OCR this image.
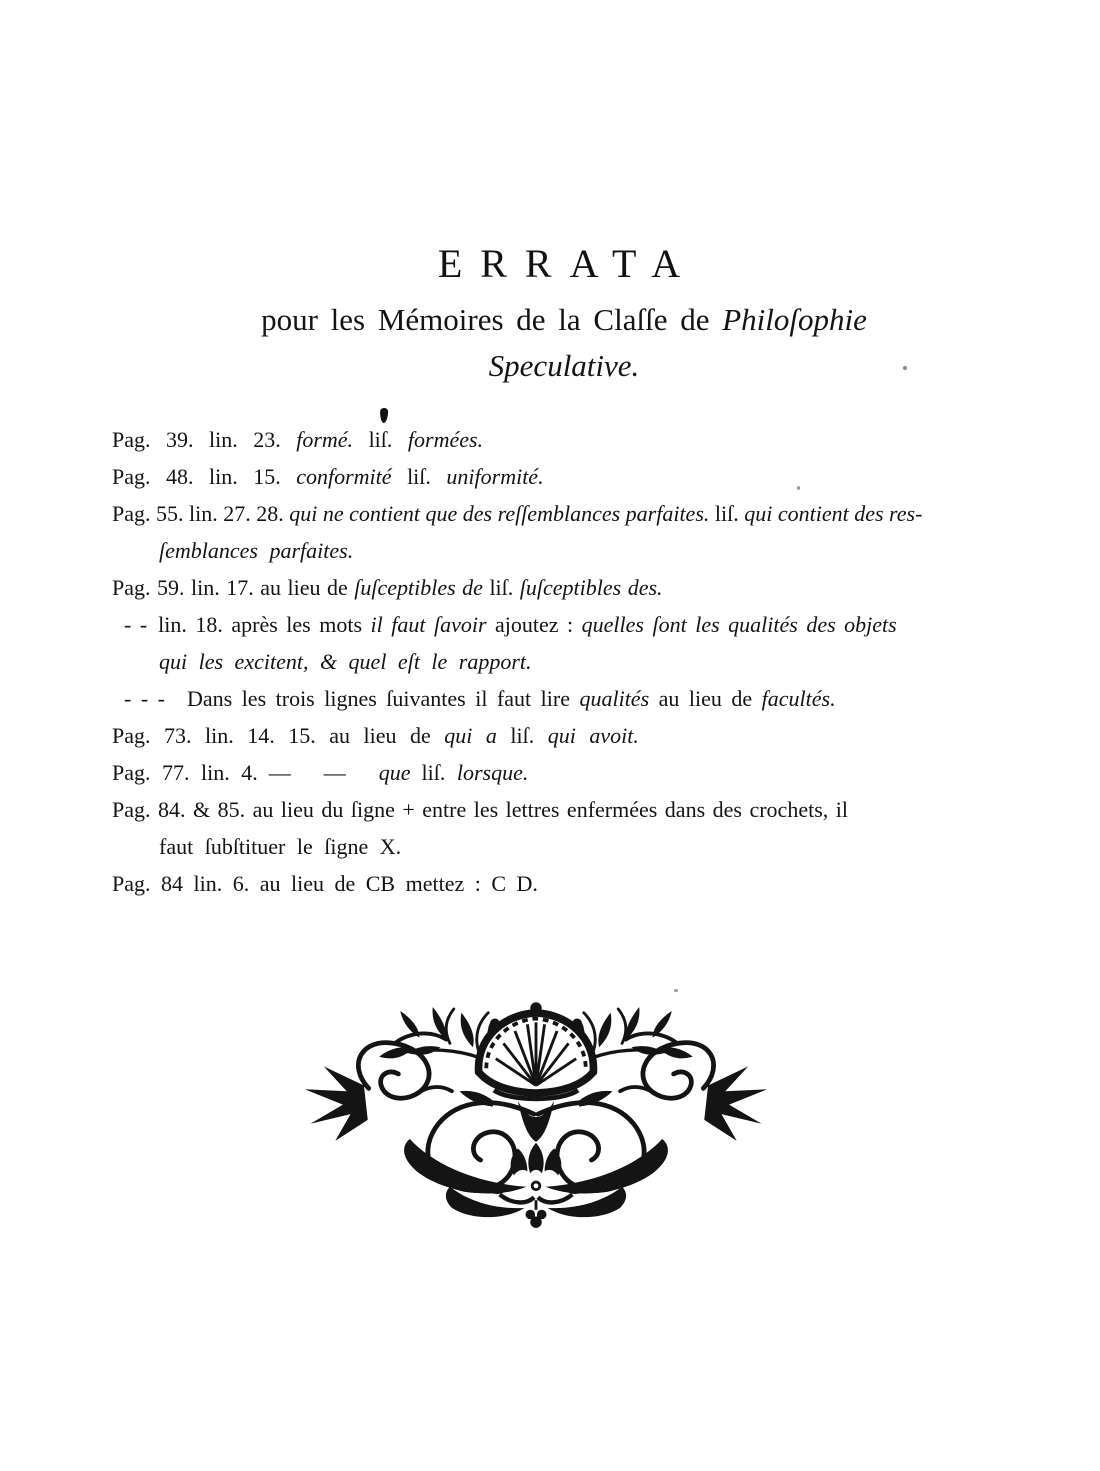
ERRATA
pour les Mémoires de la Claſſe de Philoſophie
Speculative.
Pag. 39. lin. 23. formé. liſ. formées.
Pag. 48. lin. 15. conformité liſ. uniformité.
Pag. 55. lin. 27. 28. qui ne contient que des reſſemblances parfaites. liſ. qui contient des res-
ſemblances parfaites.
Pag. 59. lin. 17. au lieu de ſuſceptibles de liſ. ſuſceptibles des.
- - lin. 18. après les mots il faut ſavoir ajoutez : quelles ſont les qualités des objets
qui les excitent, & quel eſt le rapport.
- - - Dans les trois lignes ſuivantes il faut lire qualités au lieu de facultés.
Pag. 73. lin. 14. 15. au lieu de qui a liſ. qui avoit.
Pag. 77. lin. 4. —  —  que liſ. lorsque.
Pag. 84. & 85. au lieu du ſigne + entre les lettres enfermées dans des crochets, il
faut ſubſtituer le ſigne X.
Pag. 84 lin. 6. au lieu de CB mettez : C D.
